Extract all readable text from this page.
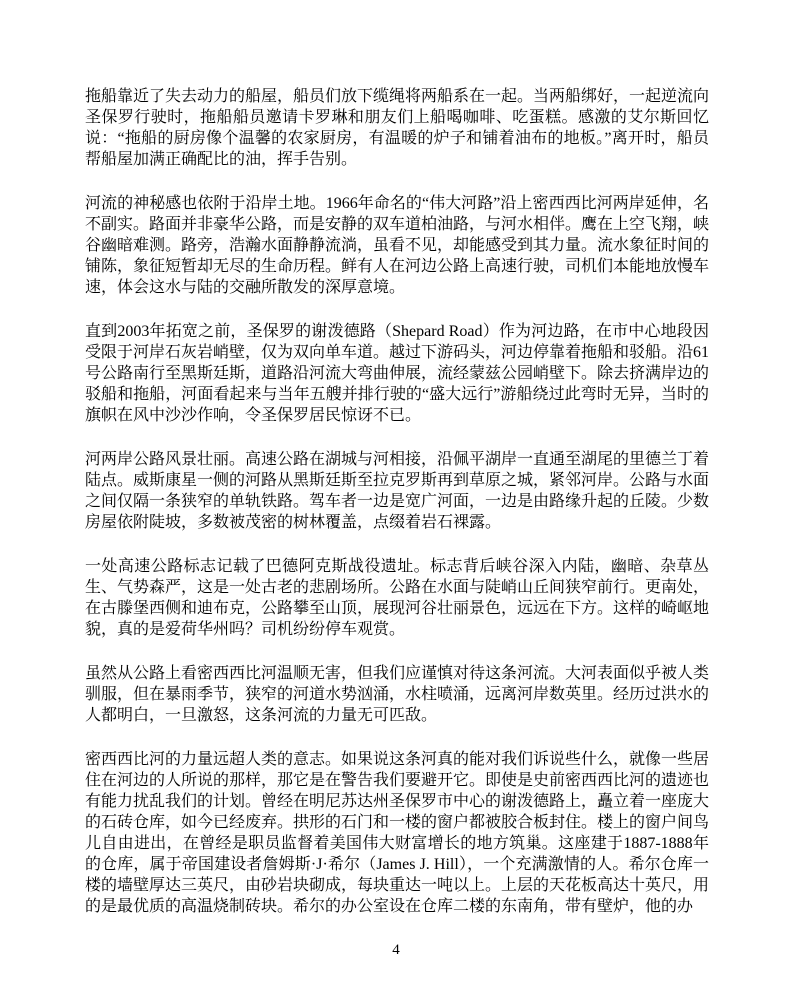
拖船靠近了失去动力的船屋，船员们放下缆绳将两船系在一起。当两船绑好，一起逆流向圣保罗行驶时，拖船船员邀请卡罗琳和朋友们上船喝咖啡、吃蛋糕。感激的艾尔斯回忆说：“拖船的厨房像个温馨的农家厨房，有温暖的炉子和铺着油布的地板。”离开时，船员帮船屋加满正确配比的油，挥手告别。

河流的神秘感也依附于沿岸土地。1966年命名的“伟大河路”沿上密西西比河两岸延伸，名不副实。路面并非豪华公路，而是安静的双车道柏油路，与河水相伴。鹰在上空飞翔，峡谷幽暗难测。路旁，浩瀚水面静静流淌，虽看不见，却能感受到其力量。流水象征时间的铺陈，象征短暂却无尽的生命历程。鲜有人在河边公路上高速行驶，司机们本能地放慢车速，体会这水与陆的交融所散发的深厚意境。

直到2003年拓宽之前，圣保罗的谢泼德路（Shepard Road）作为河边路，在市中心地段因受限于河岸石灰岩峭壁，仅为双向单车道。越过下游码头，河边停靠着拖船和驳船。沿61号公路南行至黑斯廷斯，道路沿河流大弯曲伸展，流经蒙兹公园峭壁下。除去挤满岸边的驳船和拖船，河面看起来与当年五艘并排行驶的“盛大远行”游船绕过此弯时无异，当时的旗帜在风中沙沙作响，令圣保罗居民惊讶不已。

河两岸公路风景壮丽。高速公路在湖城与河相接，沿佩平湖岸一直通至湖尾的里德兰丁着陆点。威斯康星一侧的河路从黑斯廷斯至拉克罗斯再到草原之城，紧邻河岸。公路与水面之间仅隔一条狭窄的单轨铁路。驾车者一边是宽广河面，一边是由路缘升起的丘陵。少数房屋依附陡坡，多数被茂密的树林覆盖，点缀着岩石裸露。

一处高速公路标志记载了巴德阿克斯战役遗址。标志背后峡谷深入内陆，幽暗、杂草丛生、气势森严，这是一处古老的悲剧场所。公路在水面与陡峭山丘间狭窄前行。更南处，在古滕堡西侧和迪布克，公路攀至山顶，展现河谷壮丽景色，远远在下方。这样的崎岖地貌，真的是爱荷华州吗？司机纷纷停车观赏。

虽然从公路上看密西西比河温顺无害，但我们应谨慎对待这条河流。大河表面似乎被人类驯服，但在暴雨季节，狭窄的河道水势汹涌，水柱喷涌，远离河岸数英里。经历过洪水的人都明白，一旦激怒，这条河流的力量无可匹敌。

密西西比河的力量远超人类的意志。如果说这条河真的能对我们诉说些什么，就像一些居住在河边的人所说的那样，那它是在警告我们要避开它。即使是史前密西西比河的遗迹也有能力扰乱我们的计划。曾经在明尼苏达州圣保罗市中心的谢泼德路上，矗立着一座庞大的石砖仓库，如今已经废弃。拱形的石门和一楼的窗户都被胶合板封住。楼上的窗户间鸟儿自由进出，在曾经是职员监督着美国伟大财富增长的地方筑巢。这座建于1887-1888年的仓库，属于帝国建设者詹姆斯·J·希尔（James J. Hill），一个充满激情的人。希尔仓库一楼的墙壁厚达三英尺，由砂岩块砌成，每块重达一吨以上。上层的天花板高达十英尺，用的是最优质的高温烧制砖块。希尔的办公室设在仓库二楼的东南角，带有壁炉，他的办

4
